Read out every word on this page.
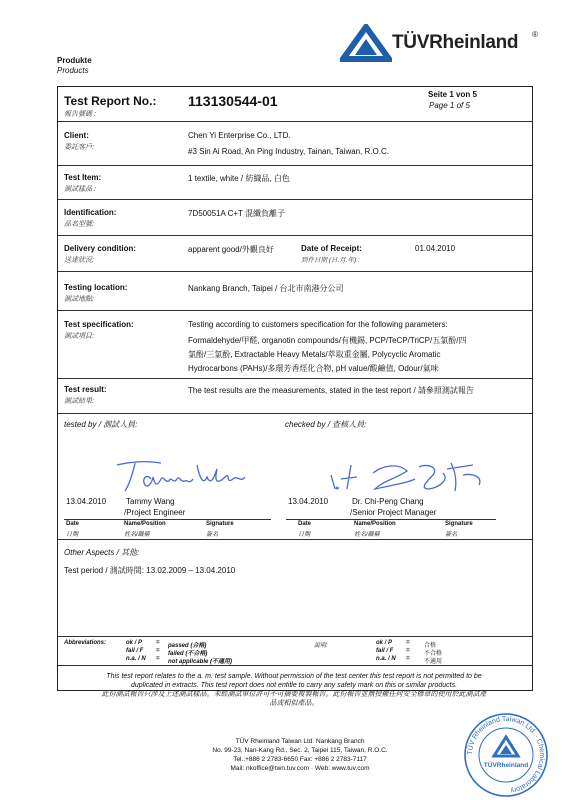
Produkte
Products
TÜVRheinland ®
Test Report No.:
報告號碼 :
113130544-01	Seite 1 von 5
Page 1 of 5
Client:
委託客戶:
Chen Yi Enterprise Co., LTD.
#3 Sin Ai Road, An Ping Industry, Tainan, Taiwan, R.O.C.
Test Item:
測試樣品 :
1 textile, white / 紡織品, 白色
Identification:
品名型號:
7D50051A C+T 混纖負離子
Delivery condition:
送達狀況:
apparent good/外觀良好	Date of Receipt:
到件日期 (日.月.年) :
01.04.2010
Testing location:
測試地點:
Nankang Branch, Taipei / 台北市南港分公司
Test specification:
測試項目:
Testing according to customers specification for the following parameters:
Formaldehyde/甲醛, organotin compounds/有機錫, PCP/TeCP/TriCP/五氯酚/四
氯酚/三氯酚, Extractable Heavy Metals/萃取重金屬, Polycyclic Aromatic
Hydrocarbons (PAHs)/多環芳香烴化合物, pH value/酸鹼值, Odour/氣味
Test result:
測試結果:
The test results are the measurements, stated in the test report / 請參照測試報告
tested by / 測試人員:	checked by / 查核人員:
13.04.2010 Tammy Wang
/Project Engineer
13.04.2010	Dr. Chi-Peng Chang
/Senior Project Manager
Date
日期
Name/Position
姓名/職稱
Signature
簽名
Date
日期
Name/Position
姓名/職稱
Signature
簽名
Other Aspects / 其他:
Test period / 測試時間: 13.02.2009 – 13.04.2010
Abbreviations:	說明:
ok / P = passed (合格)	ok / P = 合格
fail / F = failed (不合格)	fail / F = 不合格
n.a. / N = not applicable (不適用)	n.a. / N = 不適用
This test report relates to the a. m. test sample. Without permission of the test center this test report is not permitted to be
duplicated in extracts. This test report does not entitle to carry any safety mark on this or similar products.
此份測試報告只涉及上述測試樣品。未經測試單位許可不可摘要複製報告。此份報告並無授權任何安全標章的使用於此測試產
品或相似產品。
TÜV Rheinland Taiwan Ltd. Nankang Branch
No. 99-23, Nan-Kang Rd., Sec. 2, Taipei 115, Taiwan, R.O.C.
Tel.:+886 2 2783-6650 Fax: +886 2 2783-7117
Mail: nkoffice@twn.tuv.com · Web: www.tuv.com
TÜV Rheinland Taiwan Ltd. · Chemical Laboratory
TÜVRheinland
